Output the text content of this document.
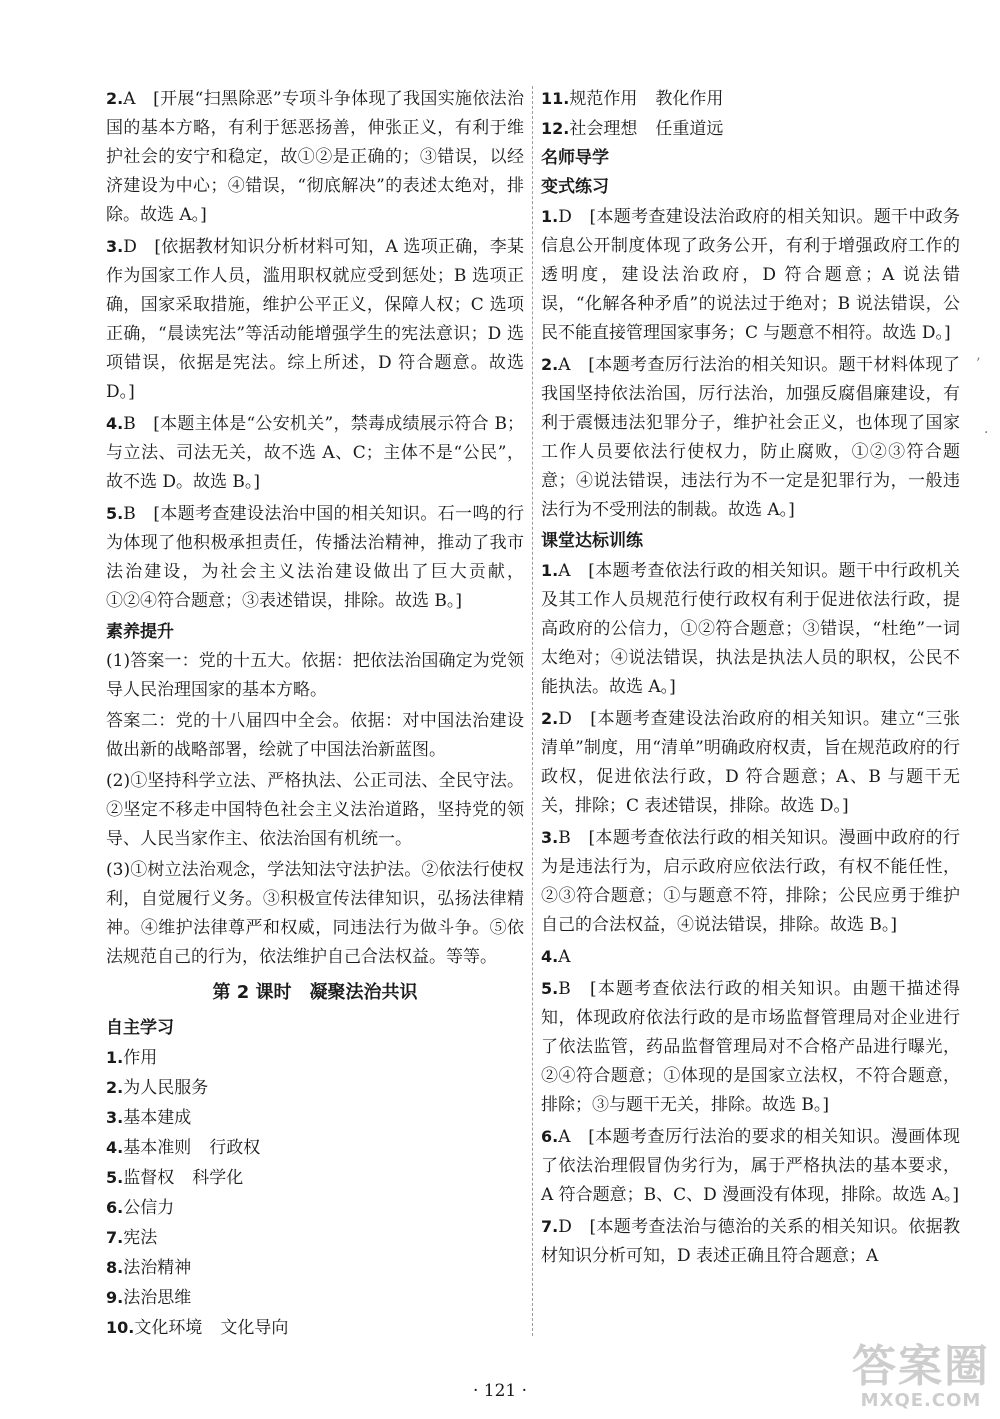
2.A　[开展“扫黑除恶”专项斗争体现了我国实施依法治国的基本方略，有利于惩恶扬善，伸张正义，有利于维护社会的安宁和稳定，故①②是正确的；③错误，以经济建设为中心；④错误，“彻底解决”的表述太绝对，排除。故选 A。]

3.D　[依据教材知识分析材料可知，A 选项正确，李某作为国家工作人员，滥用职权就应受到惩处；B 选项正确，国家采取措施，维护公平正义，保障人权；C 选项正确，“晨读宪法”等活动能增强学生的宪法意识；D 选项错误，依据是宪法。综上所述，D 符合题意。故选 D。]

4.B　[本题主体是“公安机关”，禁毒成绩展示符合 B；与立法、司法无关，故不选 A、C；主体不是“公民”，故不选 D。故选 B。]

5.B　[本题考查建设法治中国的相关知识。石一鸣的行为体现了他积极承担责任，传播法治精神，推动了我市法治建设，为社会主义法治建设做出了巨大贡献，①②④符合题意；③表述错误，排除。故选 B。]

素养提升

(1)答案一：党的十五大。依据：把依法治国确定为党领导人民治理国家的基本方略。

答案二：党的十八届四中全会。依据：对中国法治建设做出新的战略部署，绘就了中国法治新蓝图。

(2)①坚持科学立法、严格执法、公正司法、全民守法。②坚定不移走中国特色社会主义法治道路，坚持党的领导、人民当家作主、依法治国有机统一。

(3)①树立法治观念，学法知法守法护法。②依法行使权利，自觉履行义务。③积极宣传法律知识，弘扬法律精神。④维护法律尊严和权威，同违法行为做斗争。⑤依法规范自己的行为，依法维护自己合法权益。等等。

第 2 课时　凝聚法治共识

自主学习

1.作用

2.为人民服务

3.基本建成

4.基本准则 行政权

5.监督权 科学化

6.公信力

7.宪法

8.法治精神

9.法治思维

10.文化环境 文化导向

11.规范作用 教化作用

12.社会理想 任重道远

名师导学

变式练习

1.D　[本题考查建设法治政府的相关知识。题干中政务信息公开制度体现了政务公开，有利于增强政府工作的透明度，建设法治政府，D 符合题意；A 说法错误，“化解各种矛盾”的说法过于绝对；B 说法错误，公民不能直接管理国家事务；C 与题意不相符。故选 D。]

2.A　[本题考查厉行法治的相关知识。题干材料体现了我国坚持依法治国，厉行法治，加强反腐倡廉建设，有利于震慑违法犯罪分子，维护社会正义，也体现了国家工作人员要依法行使权力，防止腐败，①②③符合题意；④说法错误，违法行为不一定是犯罪行为，一般违法行为不受刑法的制裁。故选 A。]

课堂达标训练

1.A　[本题考查依法行政的相关知识。题干中行政机关及其工作人员规范行使行政权有利于促进依法行政，提高政府的公信力，①②符合题意；③错误，“杜绝”一词太绝对；④说法错误，执法是执法人员的职权，公民不能执法。故选 A。]

2.D　[本题考查建设法治政府的相关知识。建立“三张清单”制度，用“清单”明确政府权责，旨在规范政府的行政权，促进依法行政，D 符合题意；A、B 与题干无关，排除；C 表述错误，排除。故选 D。]

3.B　[本题考查依法行政的相关知识。漫画中政府的行为是违法行为，启示政府应依法行政，有权不能任性，②③符合题意；①与题意不符，排除；公民应勇于维护自己的合法权益，④说法错误，排除。故选 B。]

4.A

5.B　[本题考查依法行政的相关知识。由题干描述得知，体现政府依法行政的是市场监督管理局对企业进行了依法监管，药品监督管理局对不合格产品进行曝光，②④符合题意；①体现的是国家立法权，不符合题意，排除；③与题干无关，排除。故选 B。]

6.A　[本题考查厉行法治的要求的相关知识。漫画体现了依法治理假冒伪劣行为，属于严格执法的基本要求，A 符合题意；B、C、D 漫画没有体现，排除。故选 A。]

7.D　[本题考查法治与德治的关系的相关知识。依据教材知识分析可知，D 表述正确且符合题意；A

’
·
· 121 ·	答案圈
MXQE.COM
